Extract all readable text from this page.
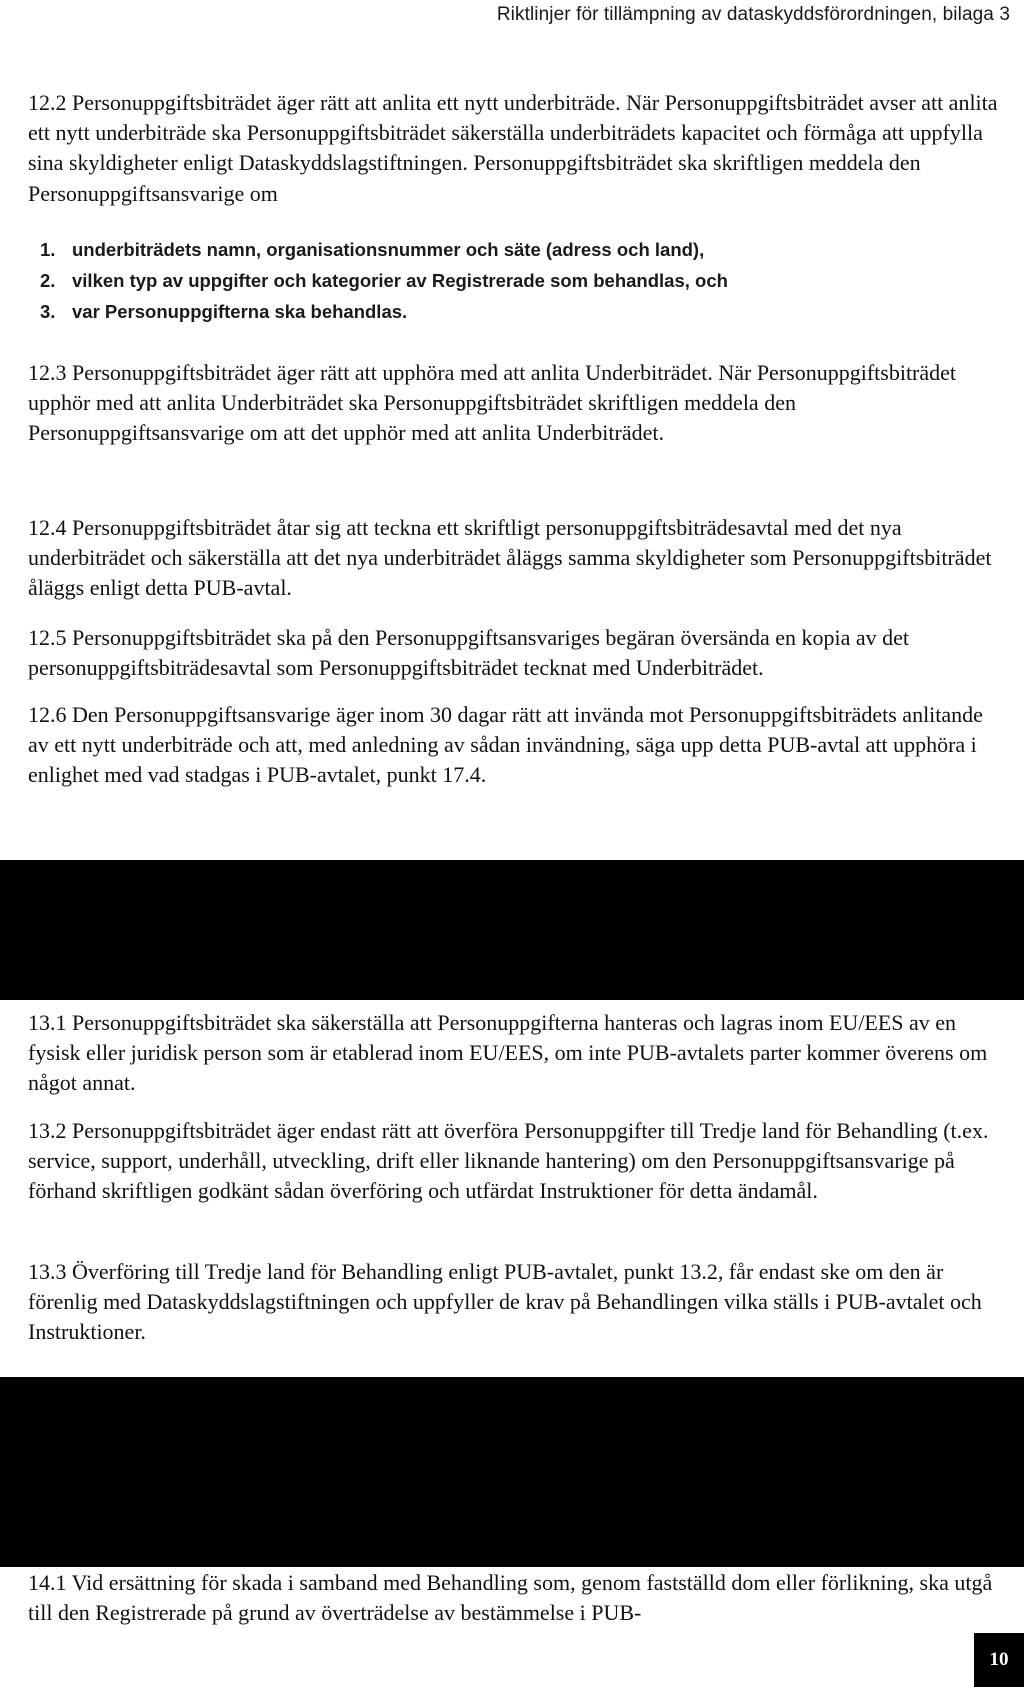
Riktlinjer för tillämpning av dataskyddsförordningen, bilaga 3

12.2 Personuppgiftsbiträdet äger rätt att anlita ett nytt underbiträde. När Personuppgiftsbiträdet avser att anlita ett nytt underbiträde ska Personuppgiftsbiträdet säkerställa underbiträdets kapacitet och förmåga att uppfylla sina skyldigheter enligt Dataskyddslagstiftningen. Personuppgiftsbiträdet ska skriftligen meddela den Personuppgiftsansvarige om

1. underbiträdets namn, organisationsnummer och säte (adress och land),
2. vilken typ av uppgifter och kategorier av Registrerade som behandlas, och
3. var Personuppgifterna ska behandlas.

12.3 Personuppgiftsbiträdet äger rätt att upphöra med att anlita Underbiträdet. När Personuppgiftsbiträdet upphör med att anlita Underbiträdet ska Personuppgiftsbiträdet skriftligen meddela den Personuppgiftsansvarige om att det upphör med att anlita Underbiträdet.

12.4 Personuppgiftsbiträdet åtar sig att teckna ett skriftligt personuppgiftsbiträdesavtal med det nya underbiträdet och säkerställa att det nya underbiträdet åläggs samma skyldigheter som Personuppgiftsbiträdet åläggs enligt detta PUB-avtal.

12.5 Personuppgiftsbiträdet ska på den Personuppgiftsansvariges begäran översända en kopia av det personuppgiftsbiträdesavtal som Personuppgiftsbiträdet tecknat med Underbiträdet.

12.6 Den Personuppgiftsansvarige äger inom 30 dagar rätt att invända mot Personuppgiftsbiträdets anlitande av ett nytt underbiträde och att, med anledning av sådan invändning, säga upp detta PUB-avtal att upphöra i enlighet med vad stadgas i PUB-avtalet, punkt 17.4.

13.1 Personuppgiftsbiträdet ska säkerställa att Personuppgifterna hanteras och lagras inom EU/EES av en fysisk eller juridisk person som är etablerad inom EU/EES, om inte PUB-avtalets parter kommer överens om något annat.

13.2 Personuppgiftsbiträdet äger endast rätt att överföra Personuppgifter till Tredje land för Behandling (t.ex. service, support, underhåll, utveckling, drift eller liknande hantering) om den Personuppgiftsansvarige på förhand skriftligen godkänt sådan överföring och utfärdat Instruktioner för detta ändamål.

13.3 Överföring till Tredje land för Behandling enligt PUB-avtalet, punkt 13.2, får endast ske om den är förenlig med Dataskyddslagstiftningen och uppfyller de krav på Behandlingen vilka ställs i PUB-avtalet och Instruktioner.

14.1 Vid ersättning för skada i samband med Behandling som, genom fastställd dom eller förlikning, ska utgå till den Registrerade på grund av överträdelse av bestämmelse i PUB-

10
